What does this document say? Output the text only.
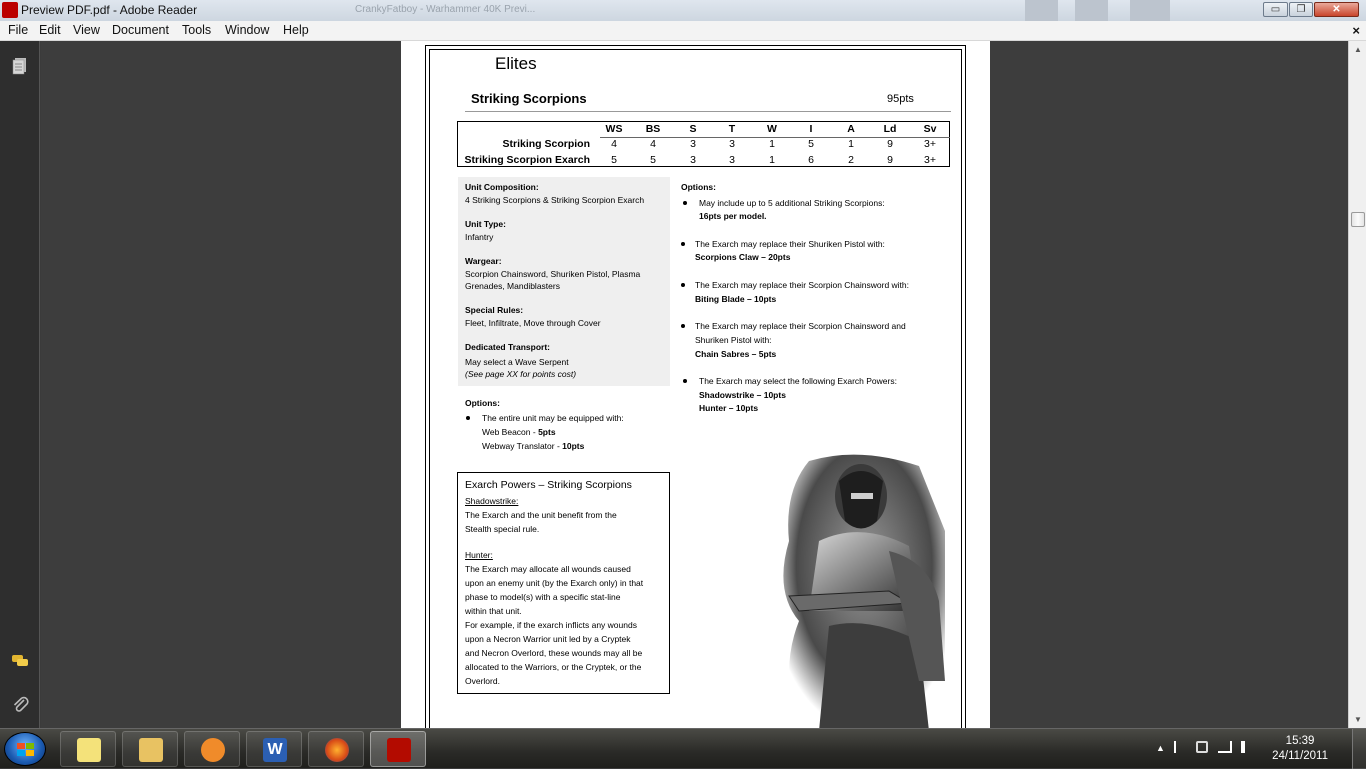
Preview PDF.pdf - Adobe Reader	CrankyFatboy - Warhammer 40K Previ...	▭	❐	✕
File Edit View Document Tools Window Help	×
Elites
Striking Scorpions	95pts
WS	BS	S	T	W	I	A	Ld	Sv
Striking Scorpion	4	4	3	3	1	5	1	9	3+
Striking Scorpion Exarch	5	5	3	3	1	6	2	9	3+
Unit Composition:
4 Striking Scorpions & Striking Scorpion Exarch
Unit Type:
Infantry
Wargear:
Scorpion Chainsword, Shuriken Pistol, Plasma
Grenades, Mandiblasters
Special Rules:
Fleet, Infiltrate, Move through Cover
Dedicated Transport:
May select a Wave Serpent
(See page XX for points cost)
Options:
The entire unit may be equipped with:
Web Beacon - 5pts
Webway Translator - 10pts
Options:
May include up to 5 additional Striking Scorpions:
16pts per model.
The Exarch may replace their Shuriken Pistol with:
Scorpions Claw – 20pts
The Exarch may replace their Scorpion Chainsword with:
Biting Blade – 10pts
The Exarch may replace their Scorpion Chainsword and
Shuriken Pistol with:
Chain Sabres – 5pts
The Exarch may select the following Exarch Powers:
Shadowstrike – 10pts
Hunter – 10pts
Exarch Powers – Striking Scorpions
Shadowstrike:
The Exarch and the unit benefit from the
Stealth special rule.
Hunter:
The Exarch may allocate all wounds caused
upon an enemy unit (by the Exarch only) in that
phase to model(s) with a specific stat-line
within that unit.
For example, if the exarch inflicts any wounds
upon a Necron Warrior unit led by a Cryptek
and Necron Overlord, these wounds may all be
allocated to the Warriors, or the Cryptek, or the
Overlord.
▲
▼
W	▲
15:39
24/11/2011
